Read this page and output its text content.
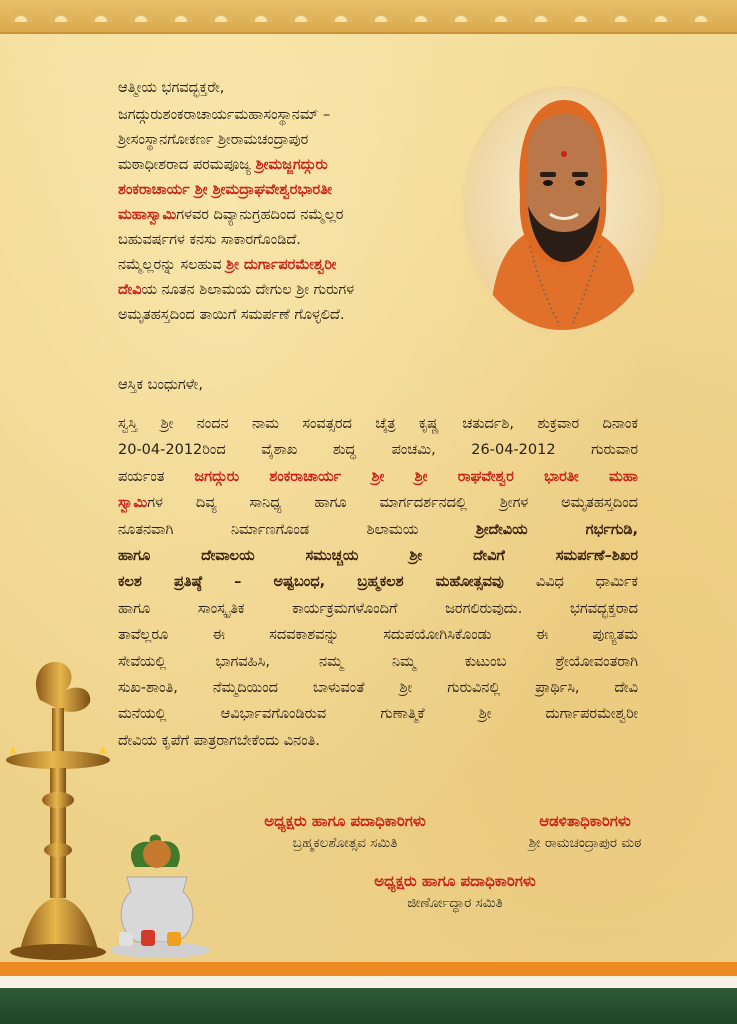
ಆತ್ಮೀಯ ಭಗವದ್ಭಕ್ತರೇ,
ಜಗದ್ಗುರುಶಂಕರಾಚಾರ್ಯಮಹಾಸಂಸ್ಥಾನಮ್ –
ಶ್ರೀಸಂಸ್ಥಾನಗೋಕರ್ಣ ಶ್ರೀರಾಮಚಂದ್ರಾಪುರ
ಮಠಾಧೀಶರಾದ ಪರಮಪೂಜ್ಯ ಶ್ರೀಮಜ್ಜಗದ್ಗುರು
ಶಂಕರಾಚಾರ್ಯ ಶ್ರೀ ಶ್ರೀಮದ್ರಾಘವೇಶ್ವರಭಾರತೀ
ಮಹಾಸ್ವಾಮಿಗಳವರ ದಿವ್ಯಾನುಗ್ರಹದಿಂದ ನಮ್ಮೆಲ್ಲರ
ಬಹುವರ್ಷಗಳ ಕನಸು ಸಾಕಾರಗೊಂಡಿದೆ.
ನಮ್ಮೆಲ್ಲರನ್ನು ಸಲಹುವ ಶ್ರೀ ದುರ್ಗಾಪರಮೇಶ್ವರೀ
ದೇವಿಯ ನೂತನ ಶಿಲಾಮಯ ದೇಗುಲ ಶ್ರೀ ಗುರುಗಳ
ಅಮೃತಹಸ್ತದಿಂದ ತಾಯಿಗೆ ಸಮರ್ಪಣೆ ಗೊಳ್ಳಲಿದೆ.
ಆಸ್ತಿಕ ಬಂಧುಗಳೇ,
ಸ್ವಸ್ತಿ ಶ್ರೀ ನಂದನ ನಾಮ ಸಂವತ್ಸರದ ಚೈತ್ರ ಕೃಷ್ಣ ಚತುರ್ದಶಿ, ಶುಕ್ರವಾರ ದಿನಾಂಕ
20-04-2012ರಿಂದ ವೈಶಾಖ ಶುದ್ಧ ಪಂಚಮಿ, 26-04-2012 ಗುರುವಾರ
ಪರ್ಯಂತ ಜಗದ್ಗುರು ಶಂಕರಾಚಾರ್ಯ ಶ್ರೀ ಶ್ರೀ ರಾಘವೇಶ್ವರ ಭಾರತೀ ಮಹಾ
ಸ್ವಾಮಿಗಳ ದಿವ್ಯ ಸಾನಿಧ್ಯ ಹಾಗೂ ಮಾರ್ಗದರ್ಶನದಲ್ಲಿ ಶ್ರೀಗಳ ಅಮೃತಹಸ್ತದಿಂದ
ನೂತನವಾಗಿ ನಿರ್ಮಾಣಗೊಂಡ ಶಿಲಾಮಯ ಶ್ರೀದೇವಿಯ ಗರ್ಭಗುಡಿ,
ಹಾಗೂ ದೇವಾಲಯ ಸಮುಚ್ಚಯ ಶ್ರೀ ದೇವಿಗೆ ಸಮರ್ಪಣೆ–ಶಿಖರ
ಕಲಶ ಪ್ರತಿಷ್ಠೆ – ಅಷ್ಟಬಂಧ, ಬ್ರಹ್ಮಕಲಶ ಮಹೋತ್ಸವವು ವಿವಿಧ ಧಾರ್ಮಿಕ
ಹಾಗೂ ಸಾಂಸ್ಕೃತಿಕ ಕಾರ್ಯಕ್ರಮಗಳೊಂದಿಗೆ ಜರಗಲಿರುವುದು. ಭಗವದ್ಭಕ್ತರಾದ
ತಾವೆಲ್ಲರೂ ಈ ಸದವಕಾಶವನ್ನು ಸದುಪಯೋಗಿಸಿಕೊಂಡು ಈ ಪುಣ್ಯತಮ
ಸೇವೆಯಲ್ಲಿ ಭಾಗವಹಿಸಿ, ನಮ್ಮ ನಿಮ್ಮ ಕುಟುಂಬ ಶ್ರೇಯೋವಂತರಾಗಿ
ಸುಖ-ಶಾಂತಿ, ನೆಮ್ಮದಿಯಿಂದ ಬಾಳುವಂತೆ ಶ್ರೀ ಗುರುವಿನಲ್ಲಿ ಪ್ರಾರ್ಥಿಸಿ, ದೇವಿ
ಮನೆಯಲ್ಲಿ ಆವಿರ್ಭಾವಗೊಂಡಿರುವ ಗುಣಾತ್ಮಿಕೆ ಶ್ರೀ ದುರ್ಗಾಪರಮೇಶ್ವರೀ
ದೇವಿಯ ಕೃಪೆಗೆ ಪಾತ್ರರಾಗಬೇಕೆಂದು ವಿನಂತಿ.
ಅಧ್ಯಕ್ಷರು ಹಾಗೂ ಪದಾಧಿಕಾರಿಗಳು
ಬ್ರಹ್ಮಕಲಶೋತ್ಸವ ಸಮಿತಿ
ಆಡಳಿತಾಧಿಕಾರಿಗಳು
ಶ್ರೀ ರಾಮಚಂದ್ರಾಪುರ ಮಠ
ಅಧ್ಯಕ್ಷರು ಹಾಗೂ ಪದಾಧಿಕಾರಿಗಳು
ಜೀರ್ಣೋದ್ಧಾರ ಸಮಿತಿ
